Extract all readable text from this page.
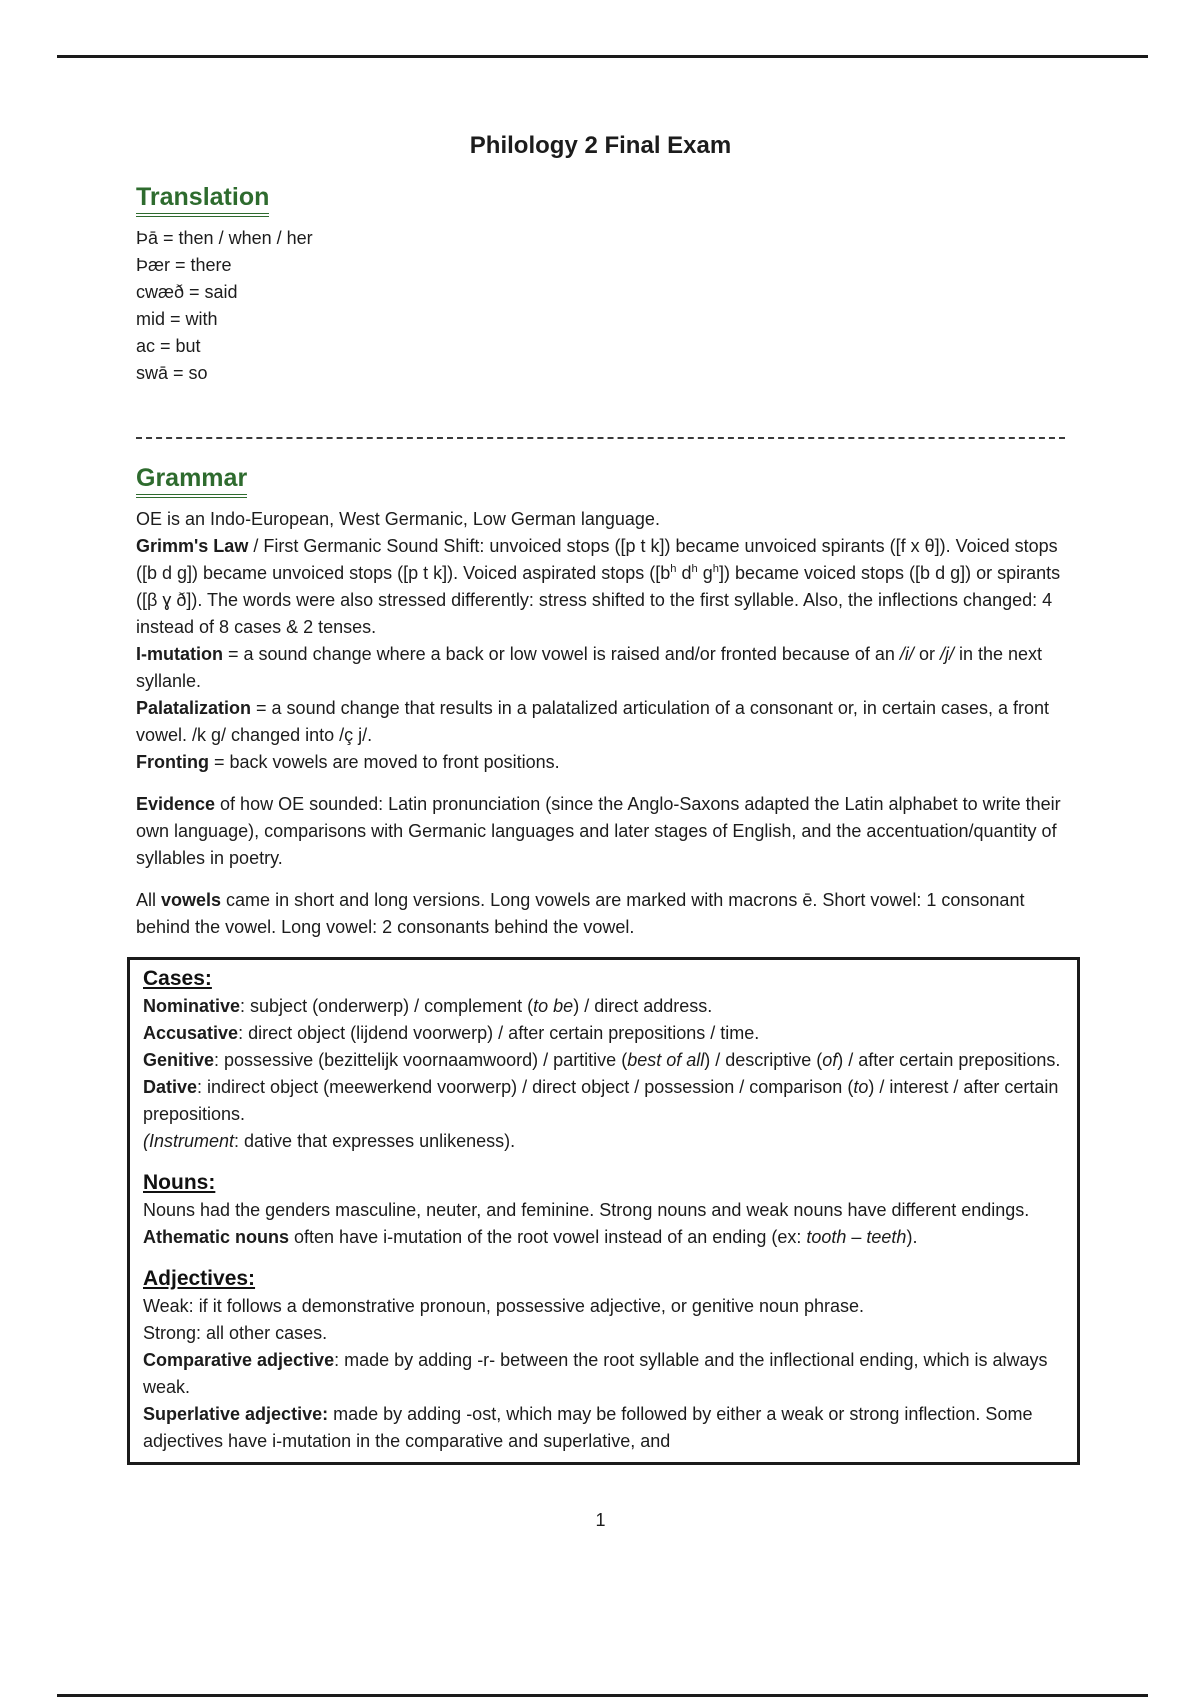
Philology 2 Final Exam
Translation
Þā = then / when / her
Þær = there
cwæð = said
mid = with
ac = but
swā = so
Grammar

OE is an Indo-European, West Germanic, Low German language.

Grimm's Law / First Germanic Sound Shift: unvoiced stops ([p t k]) became unvoiced spirants ([f x θ]). Voiced stops ([b d g]) became unvoiced stops ([p t k]). Voiced aspirated stops ([$b^h$ $d^h$ $g^h$]) became voiced stops ([b d g]) or spirants ([β ɣ ð]). The words were also stressed differently: stress shifted to the first syllable. Also, the inflections changed: 4 instead of 8 cases & 2 tenses.

I-mutation = a sound change where a back or low vowel is raised and/or fronted because of an /i/ or /j/ in the next syllanle.

Palatalization = a sound change that results in a palatalized articulation of a consonant or, in certain cases, a front vowel. /k g/ changed into /ç j/.

Fronting = back vowels are moved to front positions.

Evidence of how OE sounded: Latin pronunciation (since the Anglo-Saxons adapted the Latin alphabet to write their own language), comparisons with Germanic languages and later stages of English, and the accentuation/quantity of syllables in poetry.

All vowels came in short and long versions. Long vowels are marked with macrons ē. Short vowel: 1 consonant behind the vowel. Long vowel: 2 consonants behind the vowel.

Cases:

Nominative: subject (onderwerp) / complement (to be) / direct address.

Accusative: direct object (lijdend voorwerp) / after certain prepositions / time.

Genitive: possessive (bezittelijk voornaamwoord) / partitive (best of all) / descriptive (of) / after certain prepositions.

Dative: indirect object (meewerkend voorwerp) / direct object / possession / comparison (to) / interest / after certain prepositions.

(Instrument: dative that expresses unlikeness).

Nouns:

Nouns had the genders masculine, neuter, and feminine. Strong nouns and weak nouns have different endings. Athematic nouns often have i-mutation of the root vowel instead of an ending (ex: tooth – teeth).

Adjectives:

Weak: if it follows a demonstrative pronoun, possessive adjective, or genitive noun phrase.

Strong: all other cases.

Comparative adjective: made by adding -r- between the root syllable and the inflectional ending, which is always weak.

Superlative adjective: made by adding -ost, which may be followed by either a weak or strong inflection. Some adjectives have i-mutation in the comparative and superlative, and

1
